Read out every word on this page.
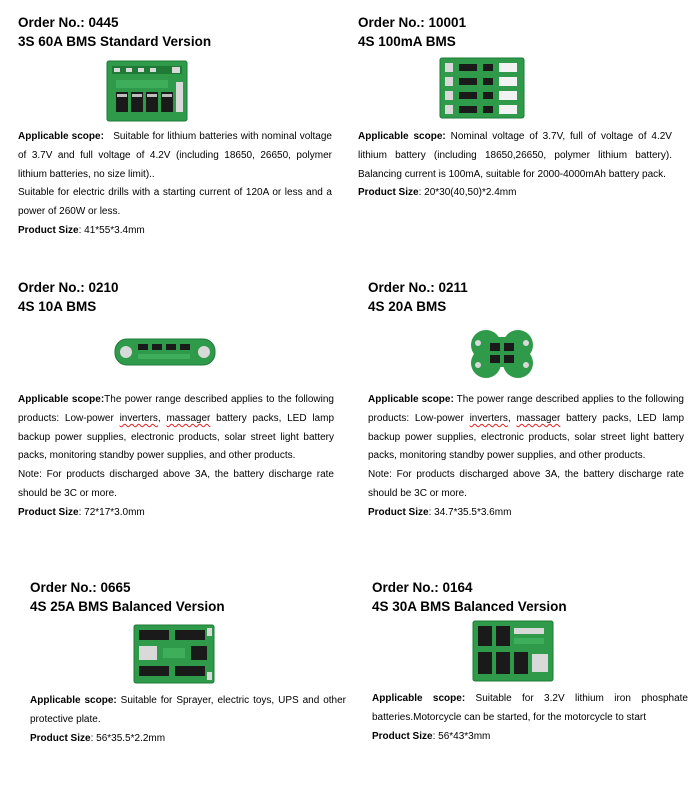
Order No.: 0445
3S 60A BMS Standard Version

Applicable scope: Suitable for lithium batteries with nominal voltage of 3.7V and full voltage of 4.2V (including 18650, 26650, polymer lithium batteries, no size limit)..

Suitable for electric drills with a starting current of 120A or less and a power of 260W or less.

Product Size: 41*55*3.4mm

Order No.: 10001
4S 100mA BMS

Applicable scope: Nominal voltage of 3.7V, full of voltage of 4.2V lithium battery (including 18650,26650, polymer lithium battery). Balancing current is 100mA, suitable for 2000-4000mAh battery pack.

Product Size: 20*30(40,50)*2.4mm

Order No.: 0210
4S 10A BMS

Applicable scope:The power range described applies to the following products: Low-power inverters, massager battery packs, LED lamp backup power supplies, electronic products, solar street light battery packs, monitoring standby power supplies, and other products.

Note: For products discharged above 3A, the battery discharge rate should be 3C or more.

Product Size: 72*17*3.0mm

Order No.: 0211
4S 20A BMS

Applicable scope: The power range described applies to the following products: Low-power inverters, massager battery packs, LED lamp backup power supplies, electronic products, solar street light battery packs, monitoring standby power supplies, and other products.

Note: For products discharged above 3A, the battery discharge rate should be 3C or more.

Product Size: 34.7*35.5*3.6mm

Order No.: 0665
4S 25A BMS Balanced Version

Applicable scope: Suitable for Sprayer, electric toys, UPS and other protective plate.

Product Size: 56*35.5*2.2mm

Order No.: 0164
4S 30A BMS Balanced Version

Applicable scope: Suitable for 3.2V lithium iron phosphate batteries.Motorcycle can be started, for the motorcycle to start

Product Size: 56*43*3mm
